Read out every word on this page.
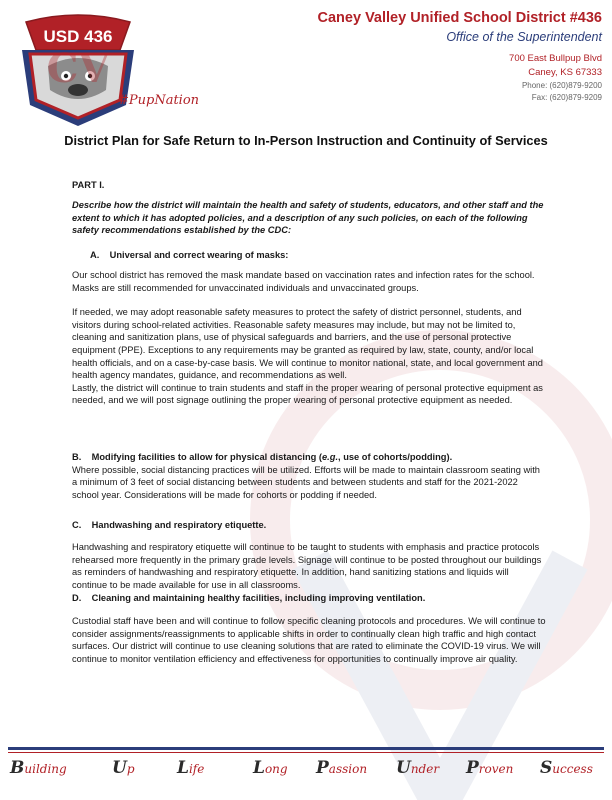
USD 436
CV
#PupNation
Caney Valley Unified School District #436
Office of the Superintendent
700 East Bullpup Blvd
Caney, KS 67333
Phone: (620)879-9200
Fax: (620)879-9209
District Plan for Safe Return to In-Person Instruction and Continuity of Services
PART I.
Describe how the district will maintain the health and safety of students, educators, and other staff and the extent to which it has adopted policies, and a description of any such policies, on each of the following safety recommendations established by the CDC:
A.    Universal and correct wearing of masks:
Our school district has removed the mask mandate based on vaccination rates and infection rates for the school. Masks are still recommended for unvaccinated individuals and unvaccinated groups.
If needed, we may adopt reasonable safety measures to protect the safety of district personnel, students, and visitors during school-related activities. Reasonable safety measures may include, but may not be limited to, cleaning and sanitization plans, use of physical safeguards and barriers, and the use of personal protective equipment (PPE). Exceptions to any requirements may be granted as required by law, state, county, and/or local health officials, and on a case-by-case basis. We will continue to monitor national, state, and local government and health agency mandates, guidance, and recommendations as well.
Lastly, the district will continue to train students and staff in the proper wearing of personal protective equipment as needed, and we will post signage outlining the proper wearing of personal protective equipment as needed.
B.    Modifying facilities to allow for physical distancing (e.g., use of cohorts/podding).
Where possible, social distancing practices will be utilized. Efforts will be made to maintain classroom seating with a minimum of 3 feet of social distancing between students and between students and staff for the 2021-2022 school year. Considerations will be made for cohorts or podding if needed.
C.    Handwashing and respiratory etiquette.
Handwashing and respiratory etiquette will continue to be taught to students with emphasis and practice protocols rehearsed more frequently in the primary grade levels. Signage will continue to be posted throughout our buildings as reminders of handwashing and respiratory etiquette. In addition, hand sanitizing stations and liquids will continue to be made available for use in all classrooms.
D.    Cleaning and maintaining healthy facilities, including improving ventilation.
Custodial staff have been and will continue to follow specific cleaning protocols and procedures. We will continue to consider assignments/reassignments to applicable shifts in order to continually clean high traffic and high contact surfaces. Our district will continue to use cleaning solutions that are rated to eliminate the COVID-19 virus. We will continue to monitor ventilation efficiency and effectiveness for opportunities to continually improve air quality.
Building	Up Life	Long Passion Under Proven Success
